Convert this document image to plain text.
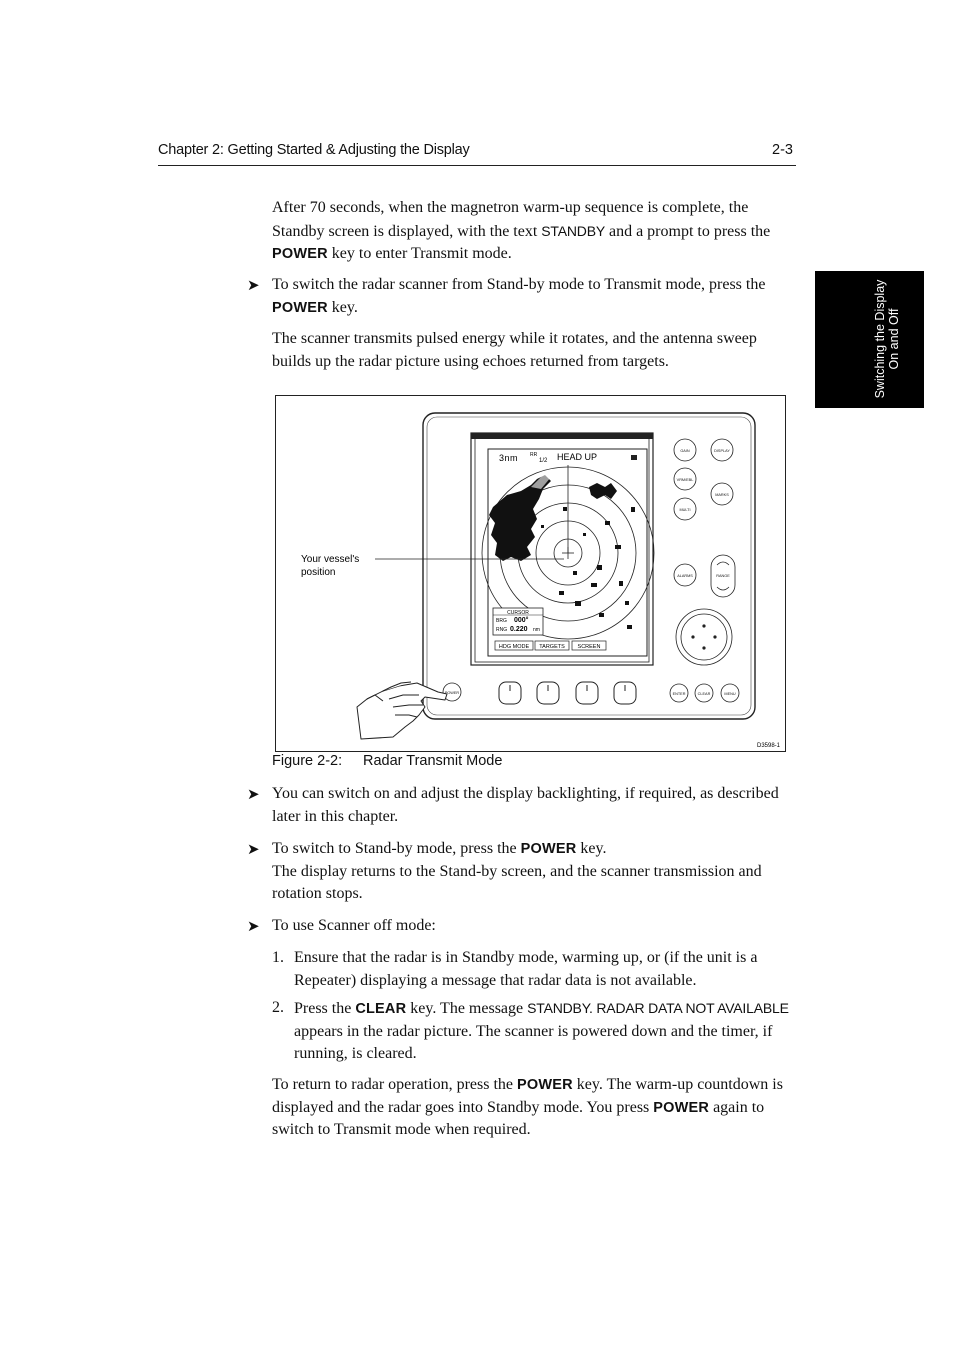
Chapter 2: Getting Started & Adjusting the Display	2-3
Switching the Display On and Off
After 70 seconds, when the magnetron warm-up sequence is complete, the Standby screen is displayed, with the text STANDBY and a prompt to press the POWER key to enter Transmit mode.
➤ To switch the radar scanner from Stand-by mode to Transmit mode, press the POWER key.
The scanner transmits pulsed energy while it rotates, and the antenna sweep builds up the radar picture using echoes returned from targets.
3nm RR
1/2 HEAD UP
CURSOR
BRG 000°
RNG 0.220 nm
HDG MODE TARGETS SCREEN
GAIN	DISPLAY
VRM/EBL
MARKS
MULTI
ALARMS	RANGE
ENTER	CLEAR	MENU
POWER
Your vessel's
position
D3598-1
Figure 2-2: Radar Transmit Mode
➤ You can switch on and adjust the display backlighting, if required, as described later in this chapter.
➤ To switch to Stand-by mode, press the POWER key.
The display returns to the Stand-by screen, and the scanner transmission and rotation stops.
➤ To use Scanner off mode:
1. Ensure that the radar is in Standby mode, warming up, or (if the unit is a Repeater) displaying a message that radar data is not available.
2. Press the CLEAR key. The message STANDBY. RADAR DATA NOT AVAILABLE appears in the radar picture. The scanner is powered down and the timer, if running, is cleared.
To return to radar operation, press the POWER key. The warm-up countdown is displayed and the radar goes into Standby mode. You press POWER again to switch to Transmit mode when required.
